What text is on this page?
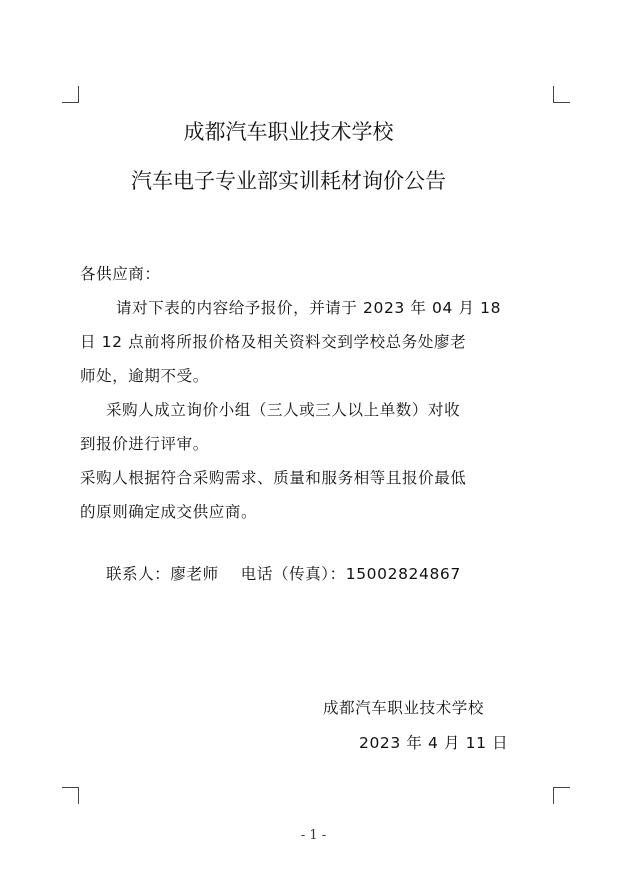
成都汽车职业技术学校
汽车电子专业部实训耗材询价公告
各供应商：
请对下表的内容给予报价，并请于 2023 年 04 月 18
日 12 点前将所报价格及相关资料交到学校总务处廖老
师处，逾期不受。
采购人成立询价小组（三人或三人以上单数）对收
到报价进行评审。
采购人根据符合采购需求、质量和服务相等且报价最低
的原则确定成交供应商。
联系人：廖老师    电话（传真）：15002824867
成都汽车职业技术学校
2023 年 4 月 11 日
- 1 -
